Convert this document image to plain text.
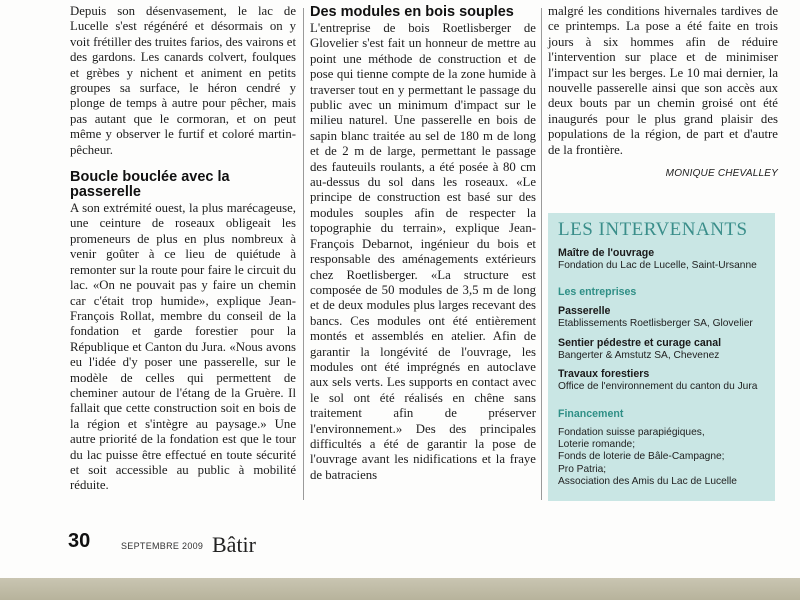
Depuis son désenvasement, le lac de Lucelle s'est régénéré et désormais on y voit frétiller des truites farios, des vairons et des gardons. Les canards colvert, foulques et grèbes y nichent et animent en petits groupes sa surface, le héron cendré y plonge de temps à autre pour pêcher, mais pas autant que le cormoran, et on peut même y observer le furtif et coloré martin-pêcheur.

Boucle bouclée avec la passerelle

A son extrémité ouest, la plus marécageuse, une ceinture de roseaux obligeait les promeneurs de plus en plus nombreux à venir goûter à ce lieu de quiétude à remonter sur la route pour faire le circuit du lac. «On ne pouvait pas y faire un chemin car c'était trop humide», explique Jean-François Rollat, membre du conseil de la fondation et garde forestier pour la République et Canton du Jura. «Nous avons eu l'idée d'y poser une passerelle, sur le modèle de celles qui permettent de cheminer autour de l'étang de la Gruère. Il fallait que cette construction soit en bois de la région et s'intègre au paysage.» Une autre priorité de la fondation est que le tour du lac puisse être effectué en toute sécurité et soit accessible au public à mobilité réduite.

Des modules en bois souples

L'entreprise de bois Roetlisberger de Glovelier s'est fait un honneur de mettre au point une méthode de construction et de pose qui tienne compte de la zone humide à traverser tout en y permettant le passage du public avec un minimum d'impact sur le milieu naturel. Une passerelle en bois de sapin blanc traitée au sel de 180 m de long et de 2 m de large, permettant le passage des fauteuils roulants, a été posée à 80 cm au-dessus du sol dans les roseaux. «Le principe de construction est basé sur des modules souples afin de respecter la topographie du terrain», explique Jean-François Debarnot, ingénieur du bois et responsable des aménagements extérieurs chez Roetlisberger. «La structure est composée de 50 modules de 3,5 m de long et de deux modules plus larges recevant des bancs. Ces modules ont été entièrement montés et assemblés en atelier. Afin de garantir la longévité de l'ouvrage, les modules ont été imprégnés en autoclave aux sels verts. Les supports en contact avec le sol ont été réalisés en chêne sans traitement afin de préserver l'environnement.» Des des principales difficultés a été de garantir la pose de l'ouvrage avant les nidifications et la fraye de batraciens

malgré les conditions hivernales tardives de ce printemps. La pose a été faite en trois jours à six hommes afin de réduire l'intervention sur place et de minimiser l'impact sur les berges. Le 10 mai dernier, la nouvelle passerelle ainsi que son accès aux deux bouts par un chemin groisé ont été inaugurés pour le plus grand plaisir des populations de la région, de part et d'autre de la frontière.

MONIQUE CHEVALLEY

LES INTERVENANTS
Maître de l'ouvrage
Fondation du Lac de Lucelle, Saint-Ursanne
Les entreprises
Passerelle
Etablissements Roetlisberger SA, Glovelier
Sentier pédestre et curage canal
Bangerter & Amstutz SA, Chevenez
Travaux forestiers
Office de l'environnement du canton du Jura
Financement
Fondation suisse parapiégiques,
Loterie romande;
Fonds de loterie de Bâle-Campagne;
Pro Patria;
Association des Amis du Lac de Lucelle
30	SEPTEMBRE 2009 Bâtir
